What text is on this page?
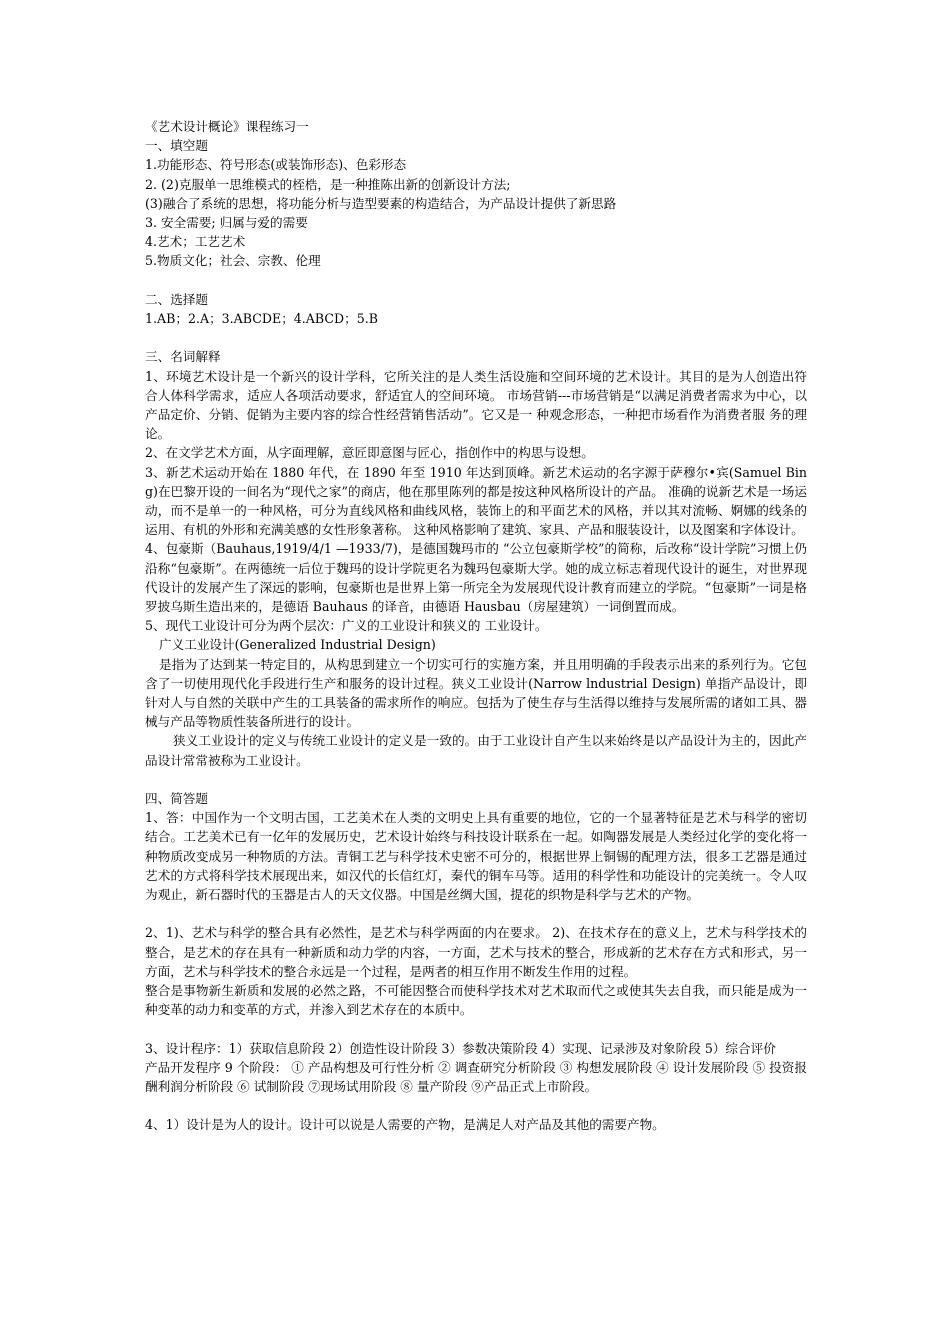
《艺术设计概论》课程练习一

一、填空题

1.功能形态、符号形态(或装饰形态)、色彩形态

2. (2)克服单一思维模式的桎梏，是一种推陈出新的创新设计方法;

(3)融合了系统的思想，将功能分析与造型要素的构造结合，为产品设计提供了新思路

3. 安全需要; 归属与爱的需要

4.艺术；工艺艺术

5.物质文化；社会、宗教、伦理

二、选择题

1.AB；2.A；3.ABCDE；4.ABCD；5.B

三、名词解释

1、环境艺术设计是一个新兴的设计学科，它所关注的是人类生活设施和空间环境的艺术设计。其目的是为人创造出符合人体科学需求，适应人各项活动要求，舒适宜人的空间环境。 市场营销---市场营销是“以满足消费者需求为中心，以产品定价、分销、促销为主要内容的综合性经营销售活动”。它又是一 种观念形态，一种把市场看作为消费者服 务的理论。

2、在文学艺术方面，从字面理解，意匠即意图与匠心，指创作中的构思与设想。

3、新艺术运动开始在 1880 年代，在 1890 年至 1910 年达到顶峰。新艺术运动的名字源于萨穆尔•宾(Samuel Bing)在巴黎开设的一间名为“现代之家”的商店，他在那里陈列的都是按这种风格所设计的产品。 准确的说新艺术是一场运动，而不是单一的一种风格，可分为直线风格和曲线风格，装饰上的和平面艺术的风格，并以其对流畅、婀娜的线条的运用、有机的外形和充满美感的女性形象著称。 这种风格影响了建筑、家具、产品和服装设计，以及图案和字体设计。

4、包豪斯（Bauhaus,1919/4/1 —1933/7)，是德国魏玛市的 “公立包豪斯学校”的简称，后改称“设计学院”习惯上仍沿称“包豪斯”。在两德统一后位于魏玛的设计学院更名为魏玛包豪斯大学。她的成立标志着现代设计的诞生，对世界现代设计的发展产生了深远的影响，包豪斯也是世界上第一所完全为发展现代设计教育而建立的学院。“包豪斯”一词是格罗披乌斯生造出来的，是德语 Bauhaus 的译音，由德语 Hausbau（房屋建筑）一词倒置而成。

5、现代工业设计可分为两个层次：广义的工业设计和狭义的 工业设计。

广义工业设计(Generalized Industrial Design)

是指为了达到某一特定目的，从构思到建立一个切实可行的实施方案，并且用明确的手段表示出来的系列行为。它包含了一切使用现代化手段进行生产和服务的设计过程。狭义工业设计(Narrow lndustrial Design) 单指产品设计，即针对人与自然的关联中产生的工具装备的需求所作的响应。包括为了使生存与生活得以维持与发展所需的诸如工具、器械与产品等物质性装备所进行的设计。

狭义工业设计的定义与传统工业设计的定义是一致的。由于工业设计自产生以来始终是以产品设计为主的，因此产品设计常常被称为工业设计。

四、简答题

1、答：中国作为一个文明古国，工艺美术在人类的文明史上具有重要的地位，它的一个显著特征是艺术与科学的密切结合。工艺美术已有一亿年的发展历史，艺术设计始终与科技设计联系在一起。如陶器发展是人类经过化学的变化将一种物质改变成另一种物质的方法。青铜工艺与科学技术史密不可分的，根据世界上铜锡的配理方法，很多工艺器是通过艺术的方式将科学技术展现出来，如汉代的长信红灯，秦代的铜车马等。适用的科学性和功能设计的完美统一。令人叹为观止，新石器时代的玉器是古人的天文仪器。中国是丝绸大国，提花的织物是科学与艺术的产物。

2、1)、艺术与科学的整合具有必然性，是艺术与科学两面的内在要求。 2)、在技术存在的意义上，艺术与科学技术的整合，是艺术的存在具有一种新质和动力学的内容，一方面，艺术与技术的整合，形成新的艺术存在方式和形式，另一方面，艺术与科学技术的整合永远是一个过程，是两者的相互作用不断发生作用的过程。

整合是事物新生新质和发展的必然之路，不可能因整合而使科学技术对艺术取而代之或使其失去自我，而只能是成为一种变革的动力和变革的方式，并渗入到艺术存在的本质中。

3、设计程序：1）获取信息阶段 2）创造性设计阶段 3）参数决策阶段 4）实现、记录涉及对象阶段 5）综合评价

产品开发程序 9 个阶段： ① 产品构想及可行性分析 ② 调查研究分析阶段 ③ 构想发展阶段 ④ 设计发展阶段 ⑤ 投资报酬利润分析阶段 ⑥ 试制阶段 ⑦现场试用阶段 ⑧ 量产阶段 ⑨产品正式上市阶段。

4、1）设计是为人的设计。设计可以说是人需要的产物，是满足人对产品及其他的需要产物。
